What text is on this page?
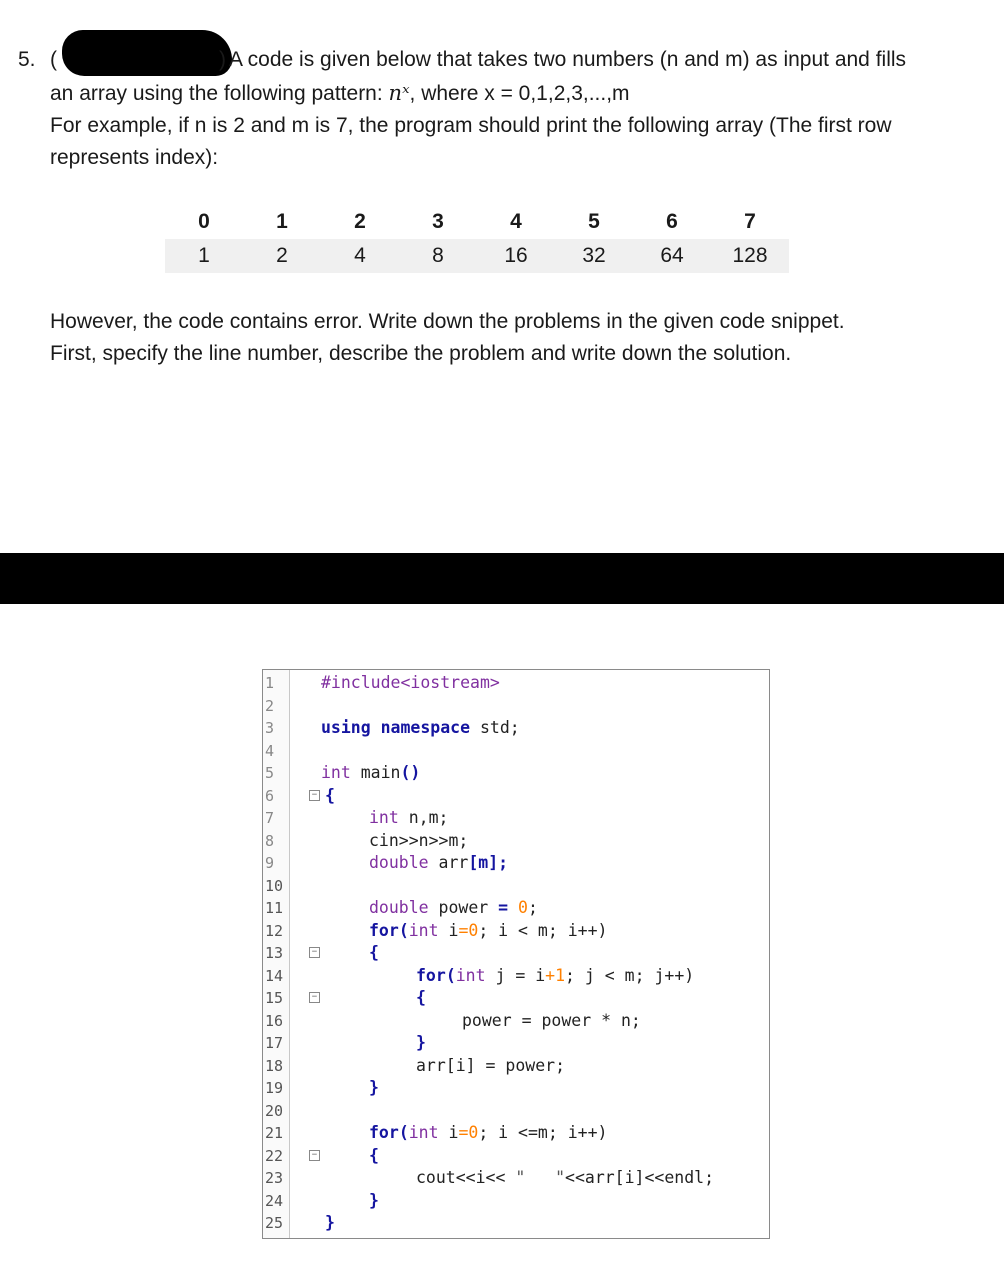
5. (	) A code is given below that takes two numbers (n and m) as input and fills
an array using the following pattern: nˣ, where x = 0,1,2,3,...,m
For example, if n is 2 and m is 7, the program should print the following array (The first row
represents index):
0	1	2	3	4	5	6	7
1	2	4	8	16	32	64	128
However, the code contains error. Write down the problems in the given code snippet.
First, specify the line number, describe the problem and write down the solution.
1	#include<iostream>
2
3	using namespace std;
4
5	int main()
6	− {
7	int n,m;
8	cin>>n>>m;
9	double arr[m];
10
11	double power = 0;
12	for(int i=0; i < m; i++)
13	−	{
14	for(int j = i+1; j < m; j++)
15	−	{
16	power = power * n;
17	}
18	arr[i] = power;
19	}
20
21	for(int i=0; i <=m; i++)
22	−	{
23	cout<<i<< "   "<<arr[i]<<endl;
24	}
25	}
